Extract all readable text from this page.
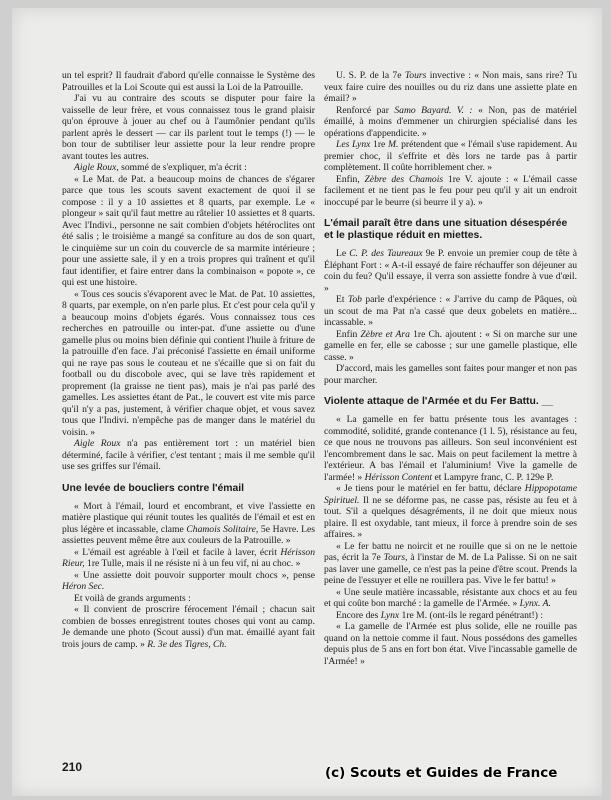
un tel esprit? Il faudrait d'abord qu'elle connaisse le Système des Patrouilles et la Loi Scoute qui est aussi la Loi de la Patrouille.

J'ai vu au contraire des scouts se disputer pour faire la vaisselle de leur frère, et vous connaissez tous le grand plaisir qu'on éprouve à jouer au chef ou à l'aumônier pendant qu'ils parlent après le dessert — car ils parlent tout le temps (!) — le bon tour de subtiliser leur assiette pour la leur rendre propre avant toutes les autres.

Aigle Roux, sommé de s'expliquer, m'a écrit :

« Le Mat. de Pat. a beaucoup moins de chances de s'égarer parce que tous les scouts savent exactement de quoi il se compose : il y a 10 assiettes et 8 quarts, par exemple. Le « plongeur » sait qu'il faut mettre au râtelier 10 assiettes et 8 quarts. Avec l'Indivi., personne ne sait combien d'objets hétéroclites ont été salis ; le troisième a mangé sa confiture au dos de son quart, le cinquième sur un coin du couvercle de sa marmite intérieure ; pour une assiette sale, il y en a trois propres qui traînent et qu'il faut identifier, et faire entrer dans la combinaison « popote », ce qui est une histoire.

« Tous ces soucis s'évaporent avec le Mat. de Pat. 10 assiettes, 8 quarts, par exemple, on n'en parle plus. Et c'est pour cela qu'il y a beaucoup moins d'objets égarés. Vous connaissez tous ces recherches en patrouille ou inter-pat. d'une assiette ou d'une gamelle plus ou moins bien définie qui contient l'huile à friture de la patrouille d'en face. J'ai préconisé l'assiette en émail uniforme qui ne raye pas sous le couteau et ne s'écaille que si on fait du football ou du discobole avec, qui se lave très rapidement et proprement (la graisse ne tient pas), mais je n'ai pas parlé des gamelles. Les assiettes étant de Pat., le couvert est vite mis parce qu'il n'y a pas, justement, à vérifier chaque objet, et vous savez tous que l'Indivi. n'empêche pas de manger dans le matériel du voisin. »

Aigle Roux n'a pas entièrement tort : un matériel bien déterminé, facile à vérifier, c'est tentant ; mais il me semble qu'il use ses griffes sur l'émail.

Une levée de boucliers contre l'émail

« Mort à l'émail, lourd et encombrant, et vive l'assiette en matière plastique qui réunit toutes les qualités de l'émail et est en plus légère et incassable, clame Chamois Solitaire, 5e Havre. Les assiettes peuvent même être aux couleurs de la Patrouille. »

« L'émail est agréable à l'œil et facile à laver, écrit Hérisson Rieur, 1re Tulle, mais il ne résiste ni à un feu vif, ni au choc. »

« Une assiette doit pouvoir supporter moult chocs », pense Héron Sec.

Et voilà de grands arguments :

« Il convient de proscrire férocement l'émail ; chacun sait combien de bosses enregistrent toutes choses qui vont au camp. Je demande une photo (Scout aussi) d'un mat. émaillé ayant fait trois jours de camp. » R. 3e des Tigres, Ch.

U. S. P. de la 7e Tours invective : « Non mais, sans rire? Tu veux faire cuire des nouilles ou du riz dans une assiette plate en émail? »

Renforcé par Samo Bayard. V. : « Non, pas de matériel émaillé, à moins d'emmener un chirurgien spécialisé dans les opérations d'appendicite. »

Les Lynx 1re M. prétendent que « l'émail s'use rapidement. Au premier choc, il s'effrite et dès lors ne tarde pas à partir complètement. Il coûte horriblement cher. »

Enfin, Zèbre des Chamois 1re V. ajoute : « L'émail casse facilement et ne tient pas le feu pour peu qu'il y ait un endroit inoccupé par le beurre (si beurre il y a). »

L'émail paraît être dans une situation désespérée et le plastique réduit en miettes.

Le C. P. des Taureaux 9e P. envoie un premier coup de tête à Éléphant Fort : « A-t-il essayé de faire réchauffer son déjeuner au coin du feu? Qu'il essaye, il verra son assiette fondre à vue d'œil. »

Et Tob parle d'expérience : « J'arrive du camp de Pâques, où un scout de ma Pat n'a cassé que deux gobelets en matière... incassable. »

Enfin Zèbre et Ara 1re Ch. ajoutent : « Si on marche sur une gamelle en fer, elle se cabosse ; sur une gamelle plastique, elle casse. »

D'accord, mais les gamelles sont faites pour manger et non pas pour marcher.

Violente attaque de l'Armée et du Fer Battu. __

« La gamelle en fer battu présente tous les avantages : commodité, solidité, grande contenance (1 l. 5), résistance au feu, ce que nous ne trouvons pas ailleurs. Son seul inconvénient est l'encombrement dans le sac. Mais on peut facilement la mettre à l'extérieur. A bas l'émail et l'aluminium! Vive la gamelle de l'armée! » Hérisson Content et Lampyre franc, C. P. 129e P.

« Je tiens pour le matériel en fer battu, déclare Hippopotame Spirituel. Il ne se déforme pas, ne casse pas, résiste au feu et à tout. S'il a quelques désagréments, il ne doit que mieux nous plaire. Il est oxydable, tant mieux, il force à prendre soin de ses affaires. »

« Le fer battu ne noircit et ne rouille que si on ne le nettoie pas, écrit la 7e Tours, à l'instar de M. de La Palisse. Si on ne sait pas laver une gamelle, ce n'est pas la peine d'être scout. Prends la peine de l'essuyer et elle ne rouillera pas. Vive le fer battu! »

« Une seule matière incassable, résistante aux chocs et au feu et qui coûte bon marché : la gamelle de l'Armée. » Lynx. A.

Encore des Lynx 1re M. (ont-ils le regard pénétrant!) :

« La gamelle de l'Armée est plus solide, elle ne rouille pas quand on la nettoie comme il faut. Nous possédons des gamelles depuis plus de 5 ans en fort bon état. Vive l'incassable gamelle de l'Armée! »

210	(c) Scouts et Guides de France
